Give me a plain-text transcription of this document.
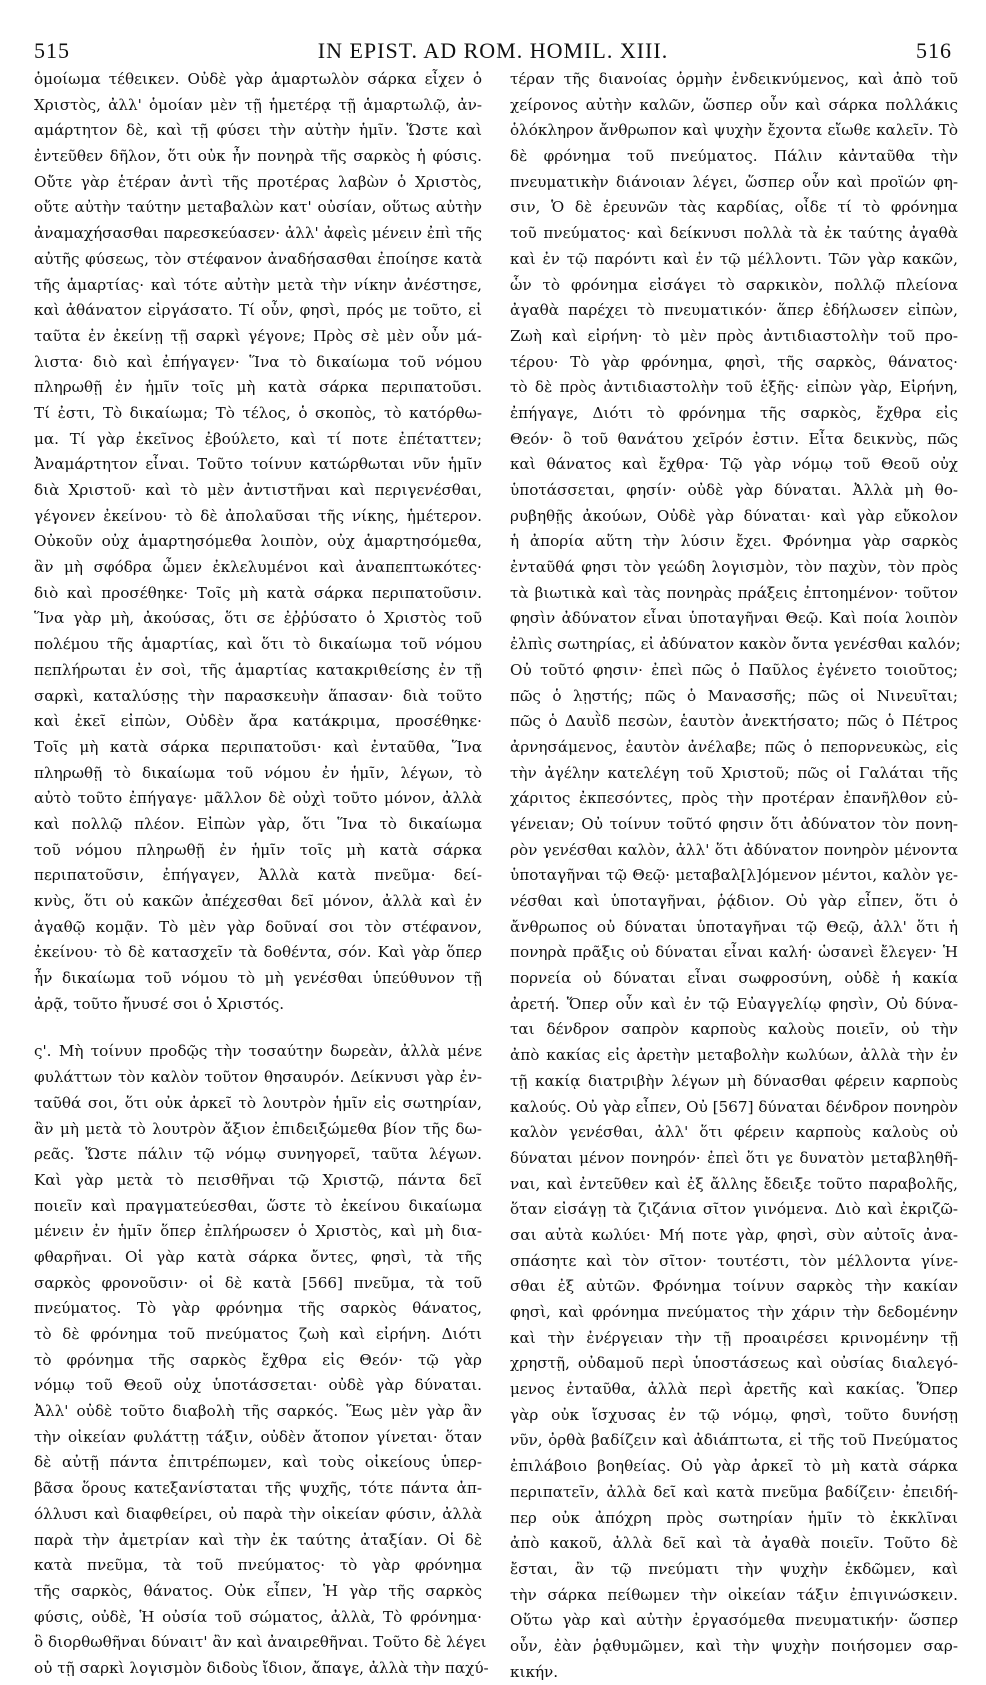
515	IN EPIST. AD ROM. HOMIL. XIII.	516
ὁμοίωμα τέθεικεν. Οὐδὲ γὰρ ἁμαρτωλὸν σάρκα εἶχεν ὁ
Χριστὸς, ἀλλ' ὁμοίαν μὲν τῇ ἡμετέρᾳ τῇ ἁμαρτωλῷ, ἀν-
αμάρτητον δὲ, καὶ τῇ φύσει τὴν αὐτὴν ἡμῖν. Ὥστε καὶ
ἐντεῦθεν δῆλον, ὅτι οὐκ ἦν πονηρὰ τῆς σαρκὸς ἡ φύσις.
Οὔτε γὰρ ἑτέραν ἀντὶ τῆς προτέρας λαβὼν ὁ Χριστὸς,
οὔτε αὐτὴν ταύτην μεταβαλὼν κατ' οὐσίαν, οὕτως αὐτὴν
ἀναμαχήσασθαι παρεσκεύασεν· ἀλλ' ἀφεὶς μένειν ἐπὶ τῆς
αὐτῆς φύσεως, τὸν στέφανον ἀναδήσασθαι ἐποίησε κατὰ
τῆς ἁμαρτίας· καὶ τότε αὐτὴν μετὰ τὴν νίκην ἀνέστησε,
καὶ ἀθάνατον εἰργάσατο. Τί οὖν, φησὶ, πρός με τοῦτο, εἰ
ταῦτα ἐν ἐκείνῃ τῇ σαρκὶ γέγονε; Πρὸς σὲ μὲν οὖν μά-
λιστα· διὸ καὶ ἐπήγαγεν· Ἵνα τὸ δικαίωμα τοῦ νόμου
πληρωθῇ ἐν ἡμῖν τοῖς μὴ κατὰ σάρκα περιπατοῦσι.
Τί ἐστι, Τὸ δικαίωμα; Τὸ τέλος, ὁ σκοπὸς, τὸ κατόρθω-
μα. Τί γὰρ ἐκεῖνος ἐβούλετο, καὶ τί ποτε ἐπέταττεν;
Ἀναμάρτητον εἶναι. Τοῦτο τοίνυν κατώρθωται νῦν ἡμῖν
διὰ Χριστοῦ· καὶ τὸ μὲν ἀντιστῆναι καὶ περιγενέσθαι,
γέγονεν ἐκείνου· τὸ δὲ ἀπολαῦσαι τῆς νίκης, ἡμέτερον.
Οὐκοῦν οὐχ ἁμαρτησόμεθα λοιπὸν, οὐχ ἁμαρτησόμεθα,
ἂν μὴ σφόδρα ὦμεν ἐκλελυμένοι καὶ ἀναπεπτωκότες·
διὸ καὶ προσέθηκε· Τοῖς μὴ κατὰ σάρκα περιπατοῦσιν.
Ἵνα γὰρ μὴ, ἀκούσας, ὅτι σε ἐῤῥύσατο ὁ Χριστὸς τοῦ
πολέμου τῆς ἁμαρτίας, καὶ ὅτι τὸ δικαίωμα τοῦ νόμου
πεπλήρωται ἐν σοὶ, τῆς ἁμαρτίας κατακριθείσης ἐν τῇ
σαρκὶ, καταλύσῃς τὴν παρασκευὴν ἅπασαν· διὰ τοῦτο
καὶ ἐκεῖ εἰπὼν, Οὐδὲν ἄρα κατάκριμα, προσέθηκε·
Τοῖς μὴ κατὰ σάρκα περιπατοῦσι· καὶ ἐνταῦθα, Ἵνα
πληρωθῇ τὸ δικαίωμα τοῦ νόμου ἐν ἡμῖν, λέγων, τὸ
αὐτὸ τοῦτο ἐπήγαγε· μᾶλλον δὲ οὐχὶ τοῦτο μόνον, ἀλλὰ
καὶ πολλῷ πλέον. Εἰπὼν γὰρ, ὅτι Ἵνα τὸ δικαίωμα
τοῦ νόμου πληρωθῇ ἐν ἡμῖν τοῖς μὴ κατὰ σάρκα
περιπατοῦσιν, ἐπήγαγεν, Ἀλλὰ κατὰ πνεῦμα· δεί-
κνὺς, ὅτι οὐ κακῶν ἀπέχεσθαι δεῖ μόνον, ἀλλὰ καὶ ἐν
ἀγαθῷ κομᾷν. Τὸ μὲν γὰρ δοῦναί σοι τὸν στέφανον,
ἐκείνου· τὸ δὲ κατασχεῖν τὰ δοθέντα, σόν. Καὶ γὰρ ὅπερ
ἦν δικαίωμα τοῦ νόμου τὸ μὴ γενέσθαι ὑπεύθυνον τῇ
ἀρᾷ, τοῦτο ἤνυσέ σοι ὁ Χριστός.
ς'. Μὴ τοίνυν προδῷς τὴν τοσαύτην δωρεὰν, ἀλλὰ μένε
φυλάττων τὸν καλὸν τοῦτον θησαυρόν. Δείκνυσι γὰρ ἐν-
ταῦθά σοι, ὅτι οὐκ ἀρκεῖ τὸ λουτρὸν ἡμῖν εἰς σωτηρίαν,
ἂν μὴ μετὰ τὸ λουτρὸν ἄξιον ἐπιδειξώμεθα βίον τῆς δω-
ρεᾶς. Ὥστε πάλιν τῷ νόμῳ συνηγορεῖ, ταῦτα λέγων.
Καὶ γὰρ μετὰ τὸ πεισθῆναι τῷ Χριστῷ, πάντα δεῖ
ποιεῖν καὶ πραγματεύεσθαι, ὥστε τὸ ἐκείνου δικαίωμα
μένειν ἐν ἡμῖν ὅπερ ἐπλήρωσεν ὁ Χριστὸς, καὶ μὴ δια-
φθαρῆναι. Οἱ γὰρ κατὰ σάρκα ὄντες, φησὶ, τὰ τῆς
σαρκὸς φρονοῦσιν· οἱ δὲ κατὰ [566] πνεῦμα, τὰ τοῦ
πνεύματος. Τὸ γὰρ φρόνημα τῆς σαρκὸς θάνατος,
τὸ δὲ φρόνημα τοῦ πνεύματος ζωὴ καὶ εἰρήνη. Διότι
τὸ φρόνημα τῆς σαρκὸς ἔχθρα εἰς Θεόν· τῷ γὰρ
νόμῳ τοῦ Θεοῦ οὐχ ὑποτάσσεται· οὐδὲ γὰρ δύναται.
Ἀλλ' οὐδὲ τοῦτο διαβολὴ τῆς σαρκός. Ἕως μὲν γὰρ ἂν
τὴν οἰκείαν φυλάττῃ τάξιν, οὐδὲν ἄτοπον γίνεται· ὅταν
δὲ αὐτῇ πάντα ἐπιτρέπωμεν, καὶ τοὺς οἰκείους ὑπερ-
βᾶσα ὅρους κατεξανίσταται τῆς ψυχῆς, τότε πάντα ἀπ-
όλλυσι καὶ διαφθείρει, οὐ παρὰ τὴν οἰκείαν φύσιν, ἀλλὰ
παρὰ τὴν ἀμετρίαν καὶ τὴν ἐκ ταύτης ἀταξίαν. Οἱ δὲ
κατὰ πνεῦμα, τὰ τοῦ πνεύματος· τὸ γὰρ φρόνημα
τῆς σαρκὸς, θάνατος. Οὐκ εἶπεν, Ἡ γὰρ τῆς σαρκὸς
φύσις, οὐδὲ, Ἡ οὐσία τοῦ σώματος, ἀλλὰ, Τὸ φρόνημα·
ὃ διορθωθῆναι δύναιτ' ἂν καὶ ἀναιρεθῆναι. Τοῦτο δὲ λέγει
οὐ τῇ σαρκὶ λογισμὸν διδοὺς ἴδιον, ἄπαγε, ἀλλὰ τὴν παχύ-
τέραν τῆς διανοίας ὁρμὴν ἐνδεικνύμενος, καὶ ἀπὸ τοῦ
χείρονος αὐτὴν καλῶν, ὥσπερ οὖν καὶ σάρκα πολλάκις
ὁλόκληρον ἄνθρωπον καὶ ψυχὴν ἔχοντα εἴωθε καλεῖν. Τὸ
δὲ φρόνημα τοῦ πνεύματος. Πάλιν κἀνταῦθα τὴν
πνευματικὴν διάνοιαν λέγει, ὥσπερ οὖν καὶ προϊών φη-
σιν, Ὁ δὲ ἐρευνῶν τὰς καρδίας, οἶδε τί τὸ φρόνημα
τοῦ πνεύματος· καὶ δείκνυσι πολλὰ τὰ ἐκ ταύτης ἀγαθὰ
καὶ ἐν τῷ παρόντι καὶ ἐν τῷ μέλλοντι. Τῶν γὰρ κακῶν,
ὧν τὸ φρόνημα εἰσάγει τὸ σαρκικὸν, πολλῷ πλείονα
ἀγαθὰ παρέχει τὸ πνευματικόν· ἅπερ ἐδήλωσεν εἰπὼν,
Ζωὴ καὶ εἰρήνη· τὸ μὲν πρὸς ἀντιδιαστολὴν τοῦ προ-
τέρου· Τὸ γὰρ φρόνημα, φησὶ, τῆς σαρκὸς, θάνατος·
τὸ δὲ πρὸς ἀντιδιαστολὴν τοῦ ἑξῆς· εἰπὼν γὰρ, Εἰρήνη,
ἐπήγαγε, Διότι τὸ φρόνημα τῆς σαρκὸς, ἔχθρα εἰς
Θεόν· ὃ τοῦ θανάτου χεῖρόν ἐστιν. Εἶτα δεικνὺς, πῶς
καὶ θάνατος καὶ ἔχθρα· Τῷ γὰρ νόμῳ τοῦ Θεοῦ οὐχ
ὑποτάσσεται, φησίν· οὐδὲ γὰρ δύναται. Ἀλλὰ μὴ θο-
ρυβηθῇς ἀκούων, Οὐδὲ γὰρ δύναται· καὶ γὰρ εὔκολον
ἡ ἀπορία αὕτη τὴν λύσιν ἔχει. Φρόνημα γὰρ σαρκὸς
ἐνταῦθά φησι τὸν γεώδη λογισμὸν, τὸν παχὺν, τὸν πρὸς
τὰ βιωτικὰ καὶ τὰς πονηρὰς πράξεις ἐπτοημένον· τοῦτον
φησὶν ἀδύνατον εἶναι ὑποταγῆναι Θεῷ. Καὶ ποία λοιπὸν
ἐλπὶς σωτηρίας, εἰ ἀδύνατον κακὸν ὄντα γενέσθαι καλόν;
Οὐ τοῦτό φησιν· ἐπεὶ πῶς ὁ Παῦλος ἐγένετο τοιοῦτος;
πῶς ὁ λῃστής; πῶς ὁ Μανασσῆς; πῶς οἱ Νινευῖται;
πῶς ὁ Δαυῒδ πεσὼν, ἑαυτὸν ἀνεκτήσατο; πῶς ὁ Πέτρος
ἀρνησάμενος, ἑαυτὸν ἀνέλαβε; πῶς ὁ πεπορνευκὼς, εἰς
τὴν ἀγέλην κατελέγη τοῦ Χριστοῦ; πῶς οἱ Γαλάται τῆς
χάριτος ἐκπεσόντες, πρὸς τὴν προτέραν ἐπανῆλθον εὐ-
γένειαν; Οὐ τοίνυν τοῦτό φησιν ὅτι ἀδύνατον τὸν πονη-
ρὸν γενέσθαι καλὸν, ἀλλ' ὅτι ἀδύνατον πονηρὸν μένοντα
ὑποταγῆναι τῷ Θεῷ· μεταβαλ[λ]όμενον μέντοι, καλὸν γε-
νέσθαι καὶ ὑποταγῆναι, ῥᾴδιον. Οὐ γὰρ εἶπεν, ὅτι ὁ
ἄνθρωπος οὐ δύναται ὑποταγῆναι τῷ Θεῷ, ἀλλ' ὅτι ἡ
πονηρὰ πρᾶξις οὐ δύναται εἶναι καλή· ὡσανεὶ ἔλεγεν· Ἡ
πορνεία οὐ δύναται εἶναι σωφροσύνη, οὐδὲ ἡ κακία
ἀρετή. Ὅπερ οὖν καὶ ἐν τῷ Εὐαγγελίῳ φησὶν, Οὐ δύνα-
ται δένδρον σαπρὸν καρποὺς καλοὺς ποιεῖν, οὐ τὴν
ἀπὸ κακίας εἰς ἀρετὴν μεταβολὴν κωλύων, ἀλλὰ τὴν ἐν
τῇ κακίᾳ διατριβὴν λέγων μὴ δύνασθαι φέρειν καρποὺς
καλούς. Οὐ γὰρ εἶπεν, Οὐ [567] δύναται δένδρον πονηρὸν
καλὸν γενέσθαι, ἀλλ' ὅτι φέρειν καρποὺς καλοὺς οὐ
δύναται μένον πονηρόν· ἐπεὶ ὅτι γε δυνατὸν μεταβληθῆ-
ναι, καὶ ἐντεῦθεν καὶ ἐξ ἄλλης ἔδειξε τοῦτο παραβολῆς,
ὅταν εἰσάγῃ τὰ ζιζάνια σῖτον γινόμενα. Διὸ καὶ ἐκριζῶ-
σαι αὐτὰ κωλύει· Μή ποτε γὰρ, φησὶ, σὺν αὐτοῖς ἀνα-
σπάσητε καὶ τὸν σῖτον· τουτέστι, τὸν μέλλοντα γίνε-
σθαι ἐξ αὐτῶν. Φρόνημα τοίνυν σαρκὸς τὴν κακίαν
φησὶ, καὶ φρόνημα πνεύματος τὴν χάριν τὴν δεδομένην
καὶ τὴν ἐνέργειαν τὴν τῇ προαιρέσει κρινομένην τῇ
χρηστῇ, οὐδαμοῦ περὶ ὑποστάσεως καὶ οὐσίας διαλεγό-
μενος ἐνταῦθα, ἀλλὰ περὶ ἀρετῆς καὶ κακίας. Ὅπερ
γὰρ οὐκ ἴσχυσας ἐν τῷ νόμῳ, φησὶ, τοῦτο δυνήσῃ
νῦν, ὀρθὰ βαδίζειν καὶ ἀδιάπτωτα, εἰ τῆς τοῦ Πνεύματος
ἐπιλάβοιο βοηθείας. Οὐ γὰρ ἀρκεῖ τὸ μὴ κατὰ σάρκα
περιπατεῖν, ἀλλὰ δεῖ καὶ κατὰ πνεῦμα βαδίζειν· ἐπειδή-
περ οὐκ ἀπόχρη πρὸς σωτηρίαν ἡμῖν τὸ ἐκκλῖναι
ἀπὸ κακοῦ, ἀλλὰ δεῖ καὶ τὰ ἀγαθὰ ποιεῖν. Τοῦτο δὲ
ἔσται, ἂν τῷ πνεύματι τὴν ψυχὴν ἐκδῶμεν, καὶ
τὴν σάρκα πείθωμεν τὴν οἰκείαν τάξιν ἐπιγινώσκειν.
Οὕτω γὰρ καὶ αὐτὴν ἐργασόμεθα πνευματικήν· ὥσπερ
οὖν, ἐὰν ῥᾳθυμῶμεν, καὶ τὴν ψυχὴν ποιήσομεν σαρ-
κικήν.
